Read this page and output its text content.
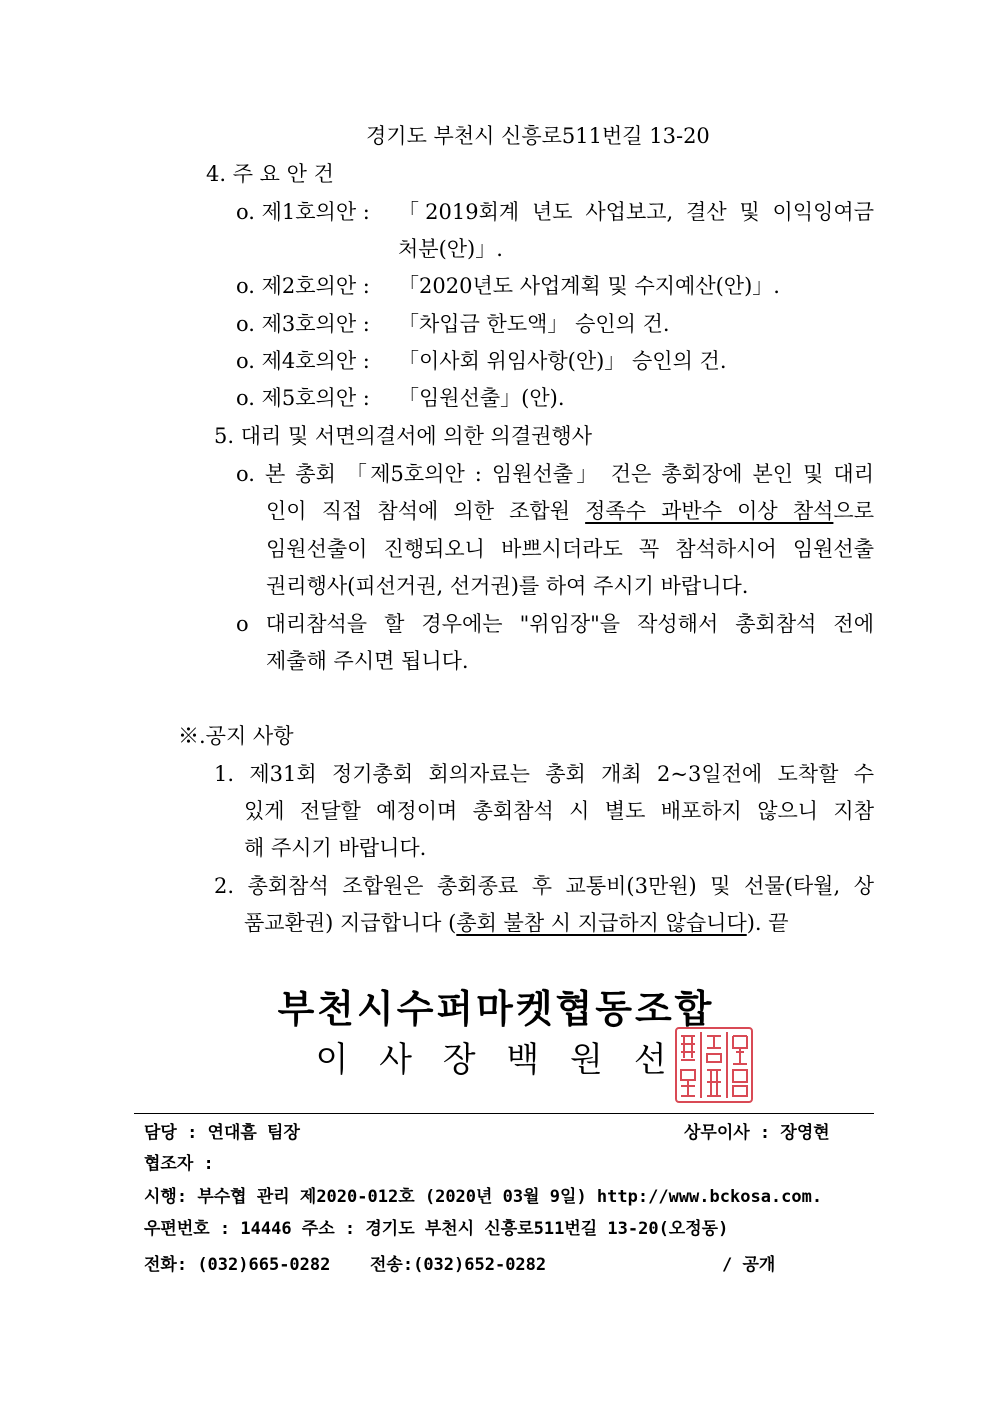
경기도 부천시 신흥로511번길 13-20
4. 주 요 안 건
o. 제1호의안 : 「2019회계 년도 사업보고, 결산 및 이익잉여금
처분(안)」.
o. 제2호의안 : 「2020년도 사업계획 및 수지예산(안)」.
o. 제3호의안 : 「차입금 한도액」 승인의 건.
o. 제4호의안 : 「이사회 위임사항(안)」 승인의 건.
o. 제5호의안 : 「임원선출」(안).
5. 대리 및 서면의결서에 의한 의결권행사
o. 본 총회 「제5호의안 : 임원선출」 건은 총회장에 본인 및 대리
인이 직접 참석에 의한 조합원 정족수 과반수 이상 참석으로
임원선출이 진행되오니 바쁘시더라도 꼭 참석하시어 임원선출
권리행사(피선거권, 선거권)를 하여 주시기 바랍니다.
o 대리참석을 할 경우에는 "위임장"을 작성해서 총회참석 전에
제출해 주시면 됩니다.
※.공지 사항
1. 제31회 정기총회 회의자료는 총회 개최 2~3일전에 도착할 수
있게 전달할 예정이며 총회참석 시 별도 배포하지 않으니 지참
해 주시기 바랍니다.
2. 총회참석 조합원은 총회종료 후 교통비(3만원) 및 선물(타월, 상
품교환권) 지급합니다 (총회 불참 시 지급하지 않습니다). 끝
부천시수퍼마켓협동조합
이 사 장 백 원 선
담당 : 연대흠 팀장	상무이사 : 장영현
협조자 :
시행: 부수협 관리 제2020-012호 (2020년 03월 9일) http://www.bckosa.com.
우편번호 : 14446 주소 : 경기도 부천시 신흥로511번길 13-20(오정동)
전화: (032)665-0282 전송:(032)652-0282	/ 공개
